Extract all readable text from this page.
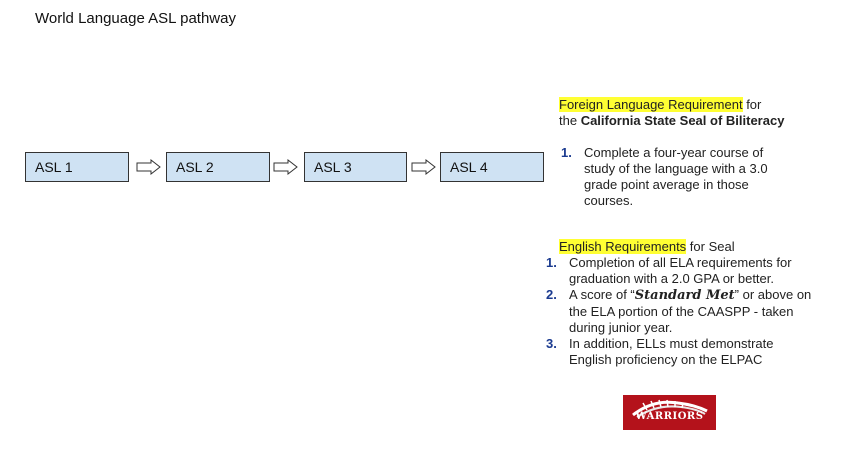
World Language ASL pathway
ASL 1	ASL 2	ASL 3	ASL 4
Foreign Language Requirement for
the California State Seal of Biliteracy
1. Complete a four-year course of study of the language with a 3.0 grade point average in those courses.
English Requirements for Seal
1. Completion of all ELA requirements for graduation with a 2.0 GPA or better.
2. A score of “Standard Met” or above on the ELA portion of the CAASPP - taken during junior year.
3. In addition, ELLs must demonstrate English proficiency on the ELPAC
WARRIORS
